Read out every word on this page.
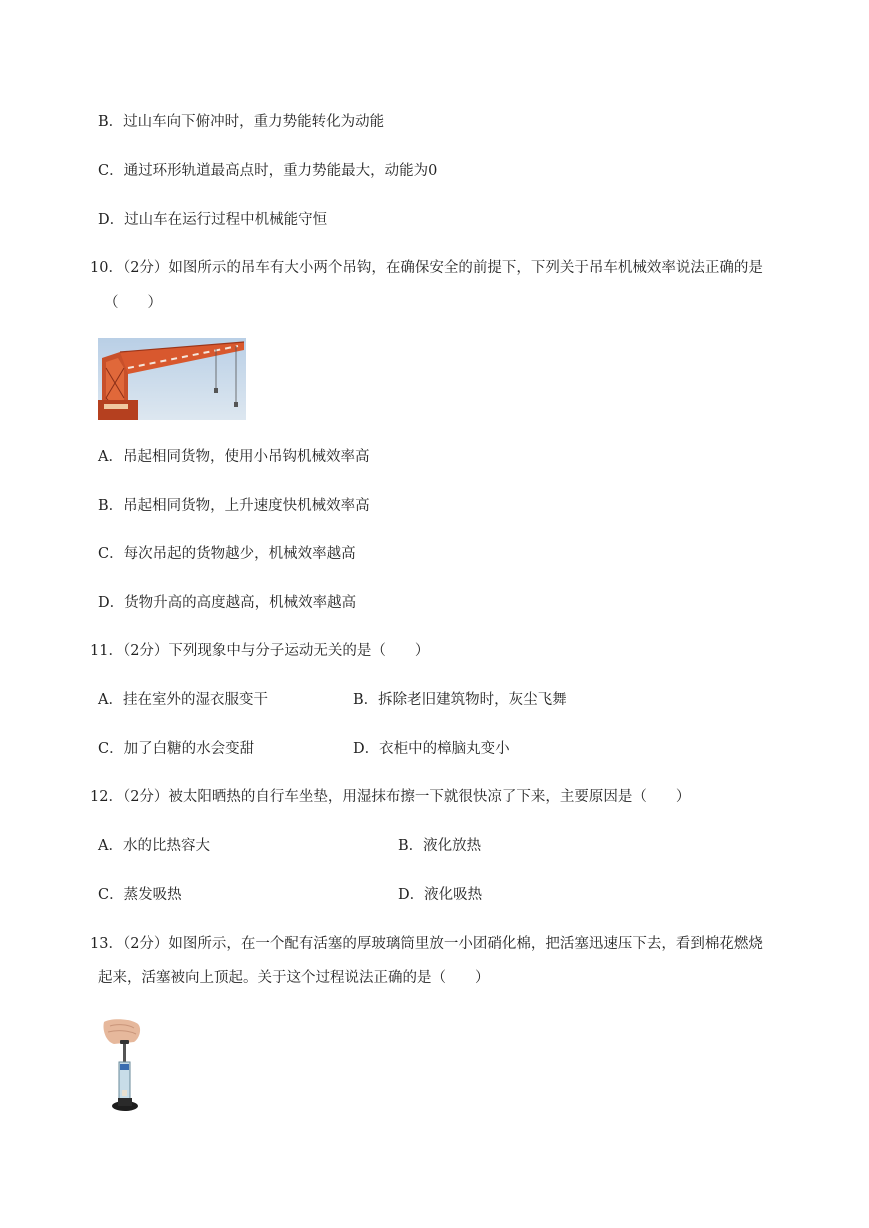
B．过山车向下俯冲时，重力势能转化为动能
C．通过环形轨道最高点时，重力势能最大，动能为0
D．过山车在运行过程中机械能守恒
10．（2分）如图所示的吊车有大小两个吊钩，在确保安全的前提下，下列关于吊车机械效率说法正确的是
（　　）
A．吊起相同货物，使用小吊钩机械效率高
B．吊起相同货物，上升速度快机械效率高
C．每次吊起的货物越少，机械效率越高
D．货物升高的高度越高，机械效率越高
11．（2分）下列现象中与分子运动无关的是（　　）
A．挂在室外的湿衣服变干	B．拆除老旧建筑物时，灰尘飞舞
C．加了白糖的水会变甜	D．衣柜中的樟脑丸变小
12．（2分）被太阳晒热的自行车坐垫，用湿抹布擦一下就很快凉了下来，主要原因是（　　）
A．水的比热容大	B．液化放热
C．蒸发吸热	D．液化吸热
13．（2分）如图所示，在一个配有活塞的厚玻璃筒里放一小团硝化棉，把活塞迅速压下去，看到棉花燃烧
起来，活塞被向上顶起。关于这个过程说法正确的是（　　）
